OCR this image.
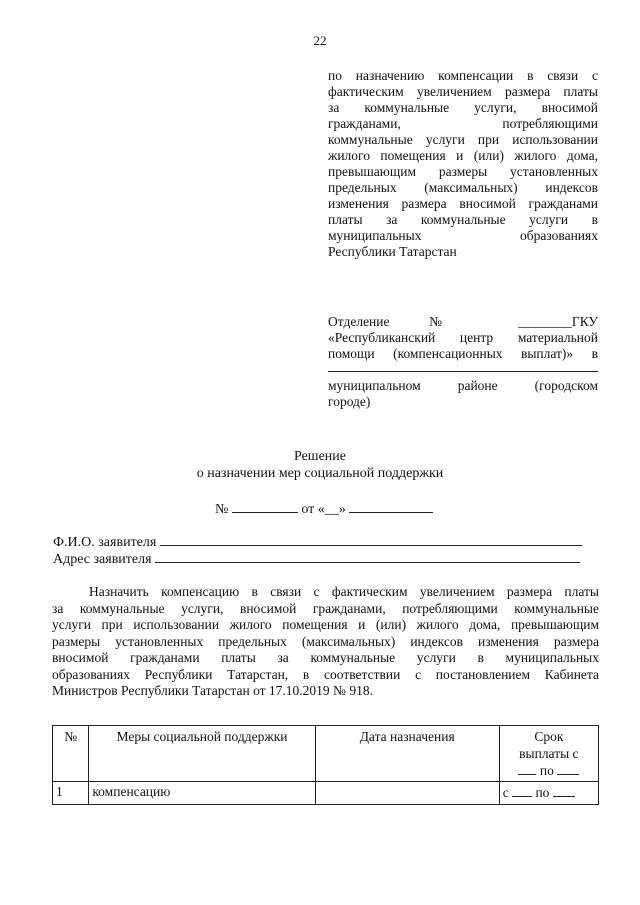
22
по назначению компенсации в связи с
фактическим увеличением размера платы
за коммунальные услуги, вносимой
гражданами, потребляющими
коммунальные услуги при использовании
жилого помещения и (или) жилого дома,
превышающим размеры установленных
предельных (максимальных) индексов
изменения размера вносимой гражданами
платы за коммунальные услуги в
муниципальных образованиях
Республики Татарстан
Отделение № ________ГКУ
«Республиканский центр материальной
помощи (компенсационных выплат)» в
муниципальном районе (городском
городе)
Решение
о назначении мер социальной поддержки
№	от «__»
Ф.И.О. заявителя
Адрес заявителя
Назначить компенсацию в связи с фактическим увеличением размера платы
за коммунальные услуги, вносимой гражданами, потребляющими коммунальные
услуги при использовании жилого помещения и (или) жилого дома, превышающим
размеры установленных предельных (максимальных) индексов изменения размера
вносимой гражданами платы за коммунальные услуги в муниципальных
образованиях Республики Татарстан, в соответствии с постановлением Кабинета
Министров Республики Татарстан от 17.10.2019 № 918.
№	Меры социальной поддержки	Дата назначения	Срок
выплаты с
по

1	компенсацию		с по
